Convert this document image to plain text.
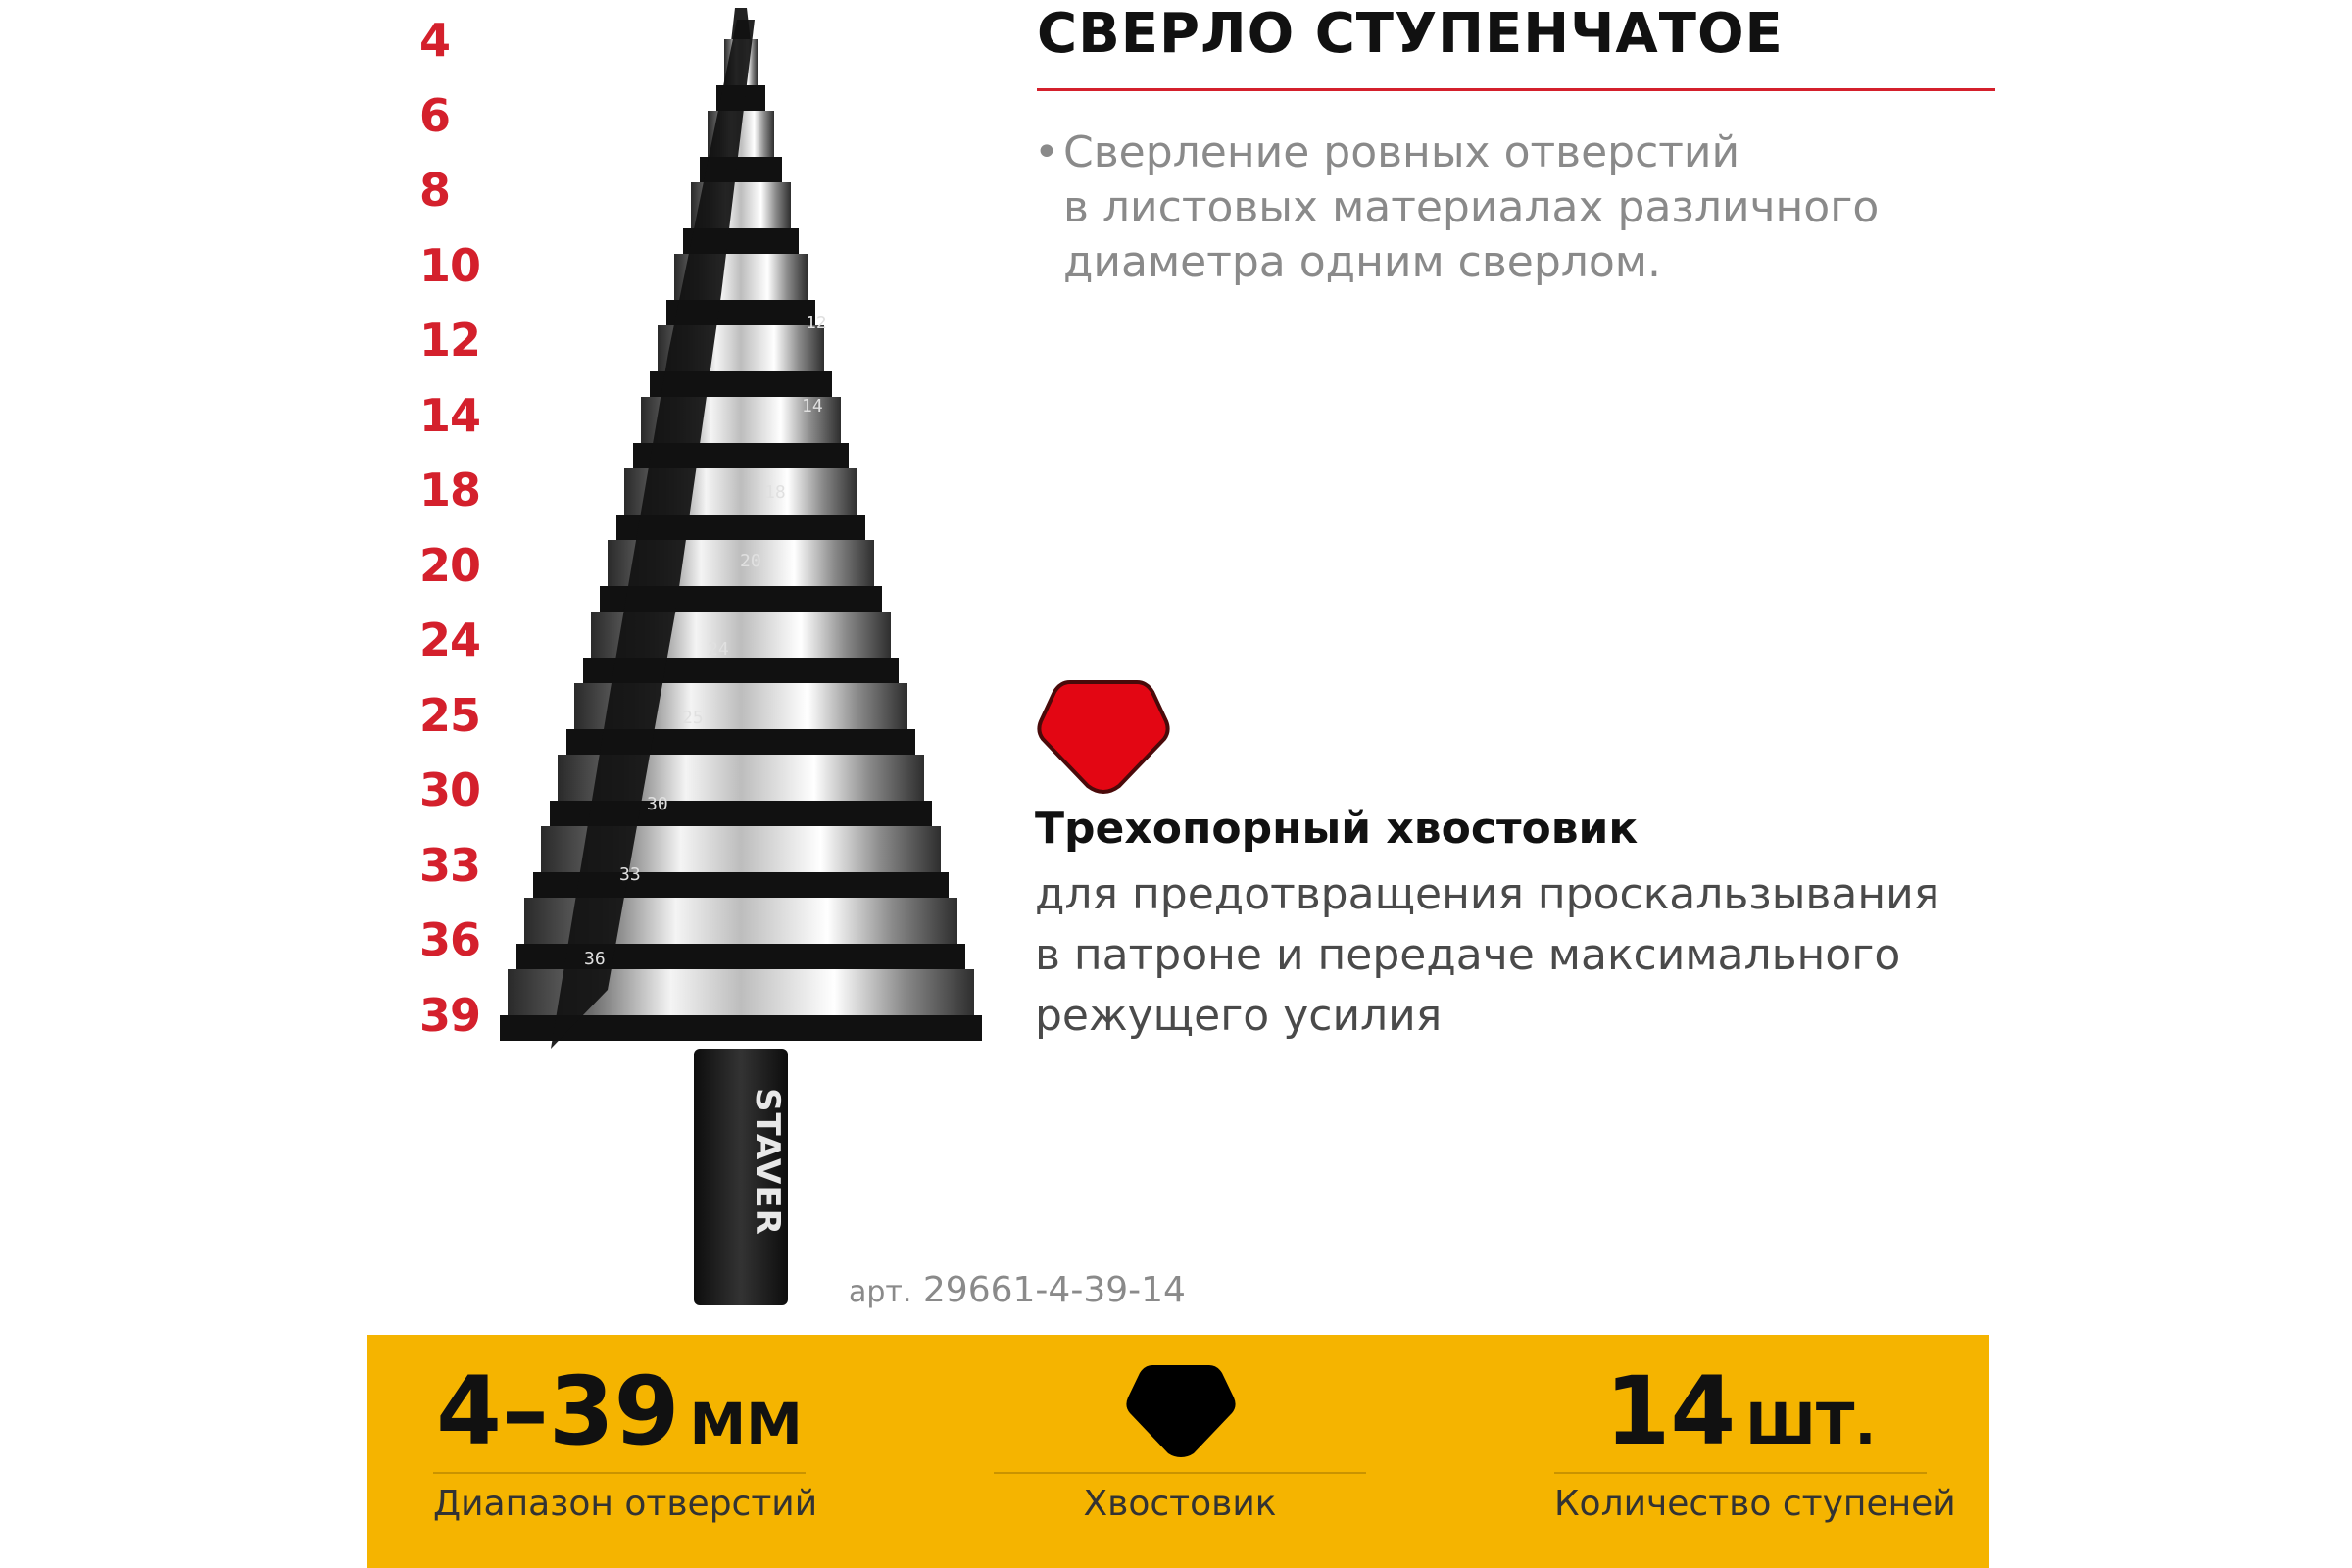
4
6
8
10
12
14
18
20
24
25
30
33
36
39
12
14
18
20
24
25
30
33
36
STAVER
СВЕРЛО СТУПЕНЧАТОЕ
•Сверление ровных отверстий
в листовых материалах различного
диаметра одним сверлом.
Трехопорный хвостовик
для предотвращения проскальзывания
в патроне и передаче максимального
режущего усилия
арт. 29661-4-39-14
4–39 ММ
Диапазон отверстий	Хвостовик
14 ШТ.
Количество ступеней
